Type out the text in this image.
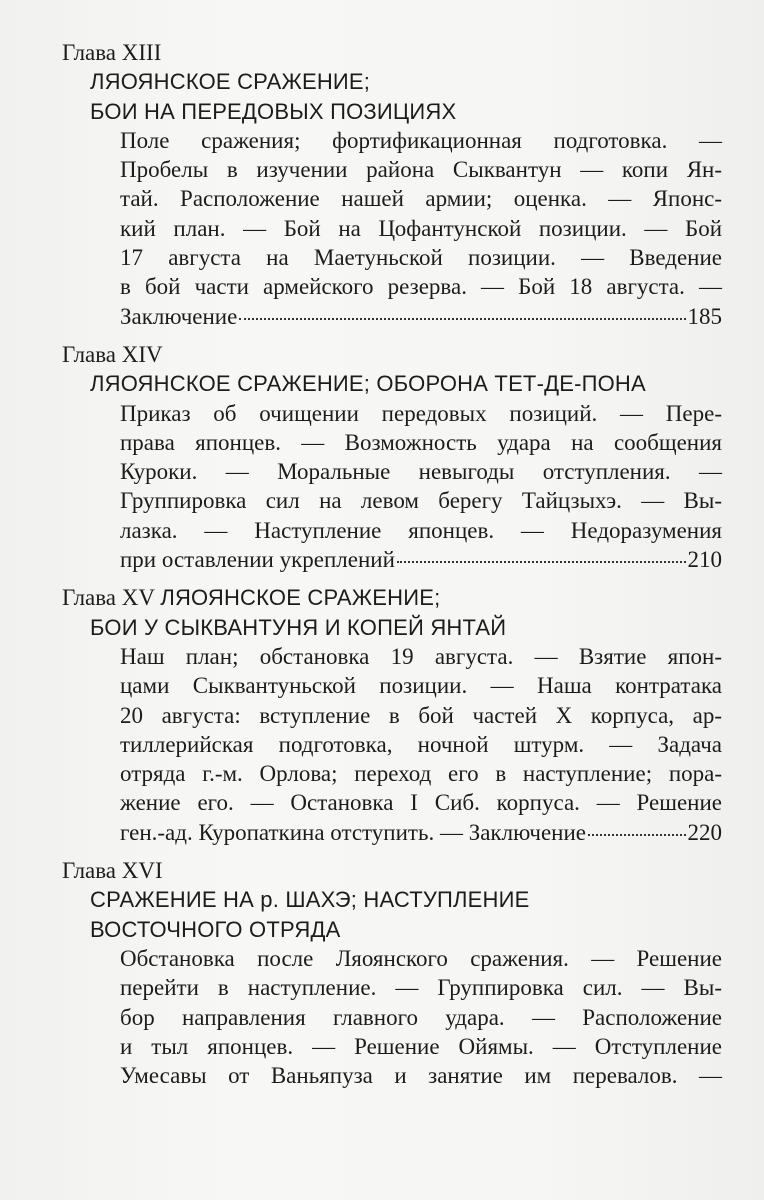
Глава XIII
ЛЯОЯНСКОЕ СРАЖЕНИЕ;
БОИ НА ПЕРЕДОВЫХ ПОЗИЦИЯХ
Поле сражения; фортификационная подготовка. —
Пробелы в изучении района Сыквантун — копи Ян-
тай. Расположение нашей армии; оценка. — Японс-
кий план. — Бой на Цофантунской позиции. — Бой
17 августа на Маетуньской позиции. — Введение
в бой части армейского резерва. — Бой 18 августа. —
Заключение	185
Глава XIV
ЛЯОЯНСКОЕ СРАЖЕНИЕ; ОБОРОНА ТЕТ-ДЕ-ПОНА
Приказ об очищении передовых позиций. — Пере-
права японцев. — Возможность удара на сообщения
Куроки. — Моральные невыгоды отступления. —
Группировка сил на левом берегу Тайцзыхэ. — Вы-
лазка. — Наступление японцев. — Недоразумения
при оставлении укреплений	210
Глава XV ЛЯОЯНСКОЕ СРАЖЕНИЕ;
БОИ У СЫКВАНТУНЯ И КОПЕЙ ЯНТАЙ
Наш план; обстановка 19 августа. — Взятие япон-
цами Сыквантуньской позиции. — Наша контратака
20 августа: вступление в бой частей X корпуса, ар-
тиллерийская подготовка, ночной штурм. — Задача
отряда г.-м. Орлова; переход его в наступление; пора-
жение его. — Остановка I Сиб. корпуса. — Решение
ген.-ад. Куропаткина отступить. — Заключение	220
Глава XVI
СРАЖЕНИЕ НА р. ШАХЭ; НАСТУПЛЕНИЕ
ВОСТОЧНОГО ОТРЯДА
Обстановка после Ляоянского сражения. — Решение
перейти в наступление. — Группировка сил. — Вы-
бор направления главного удара. — Расположение
и тыл японцев. — Решение Ойямы. — Отступление
Умесавы от Ваньяпуза и занятие им перевалов. —
